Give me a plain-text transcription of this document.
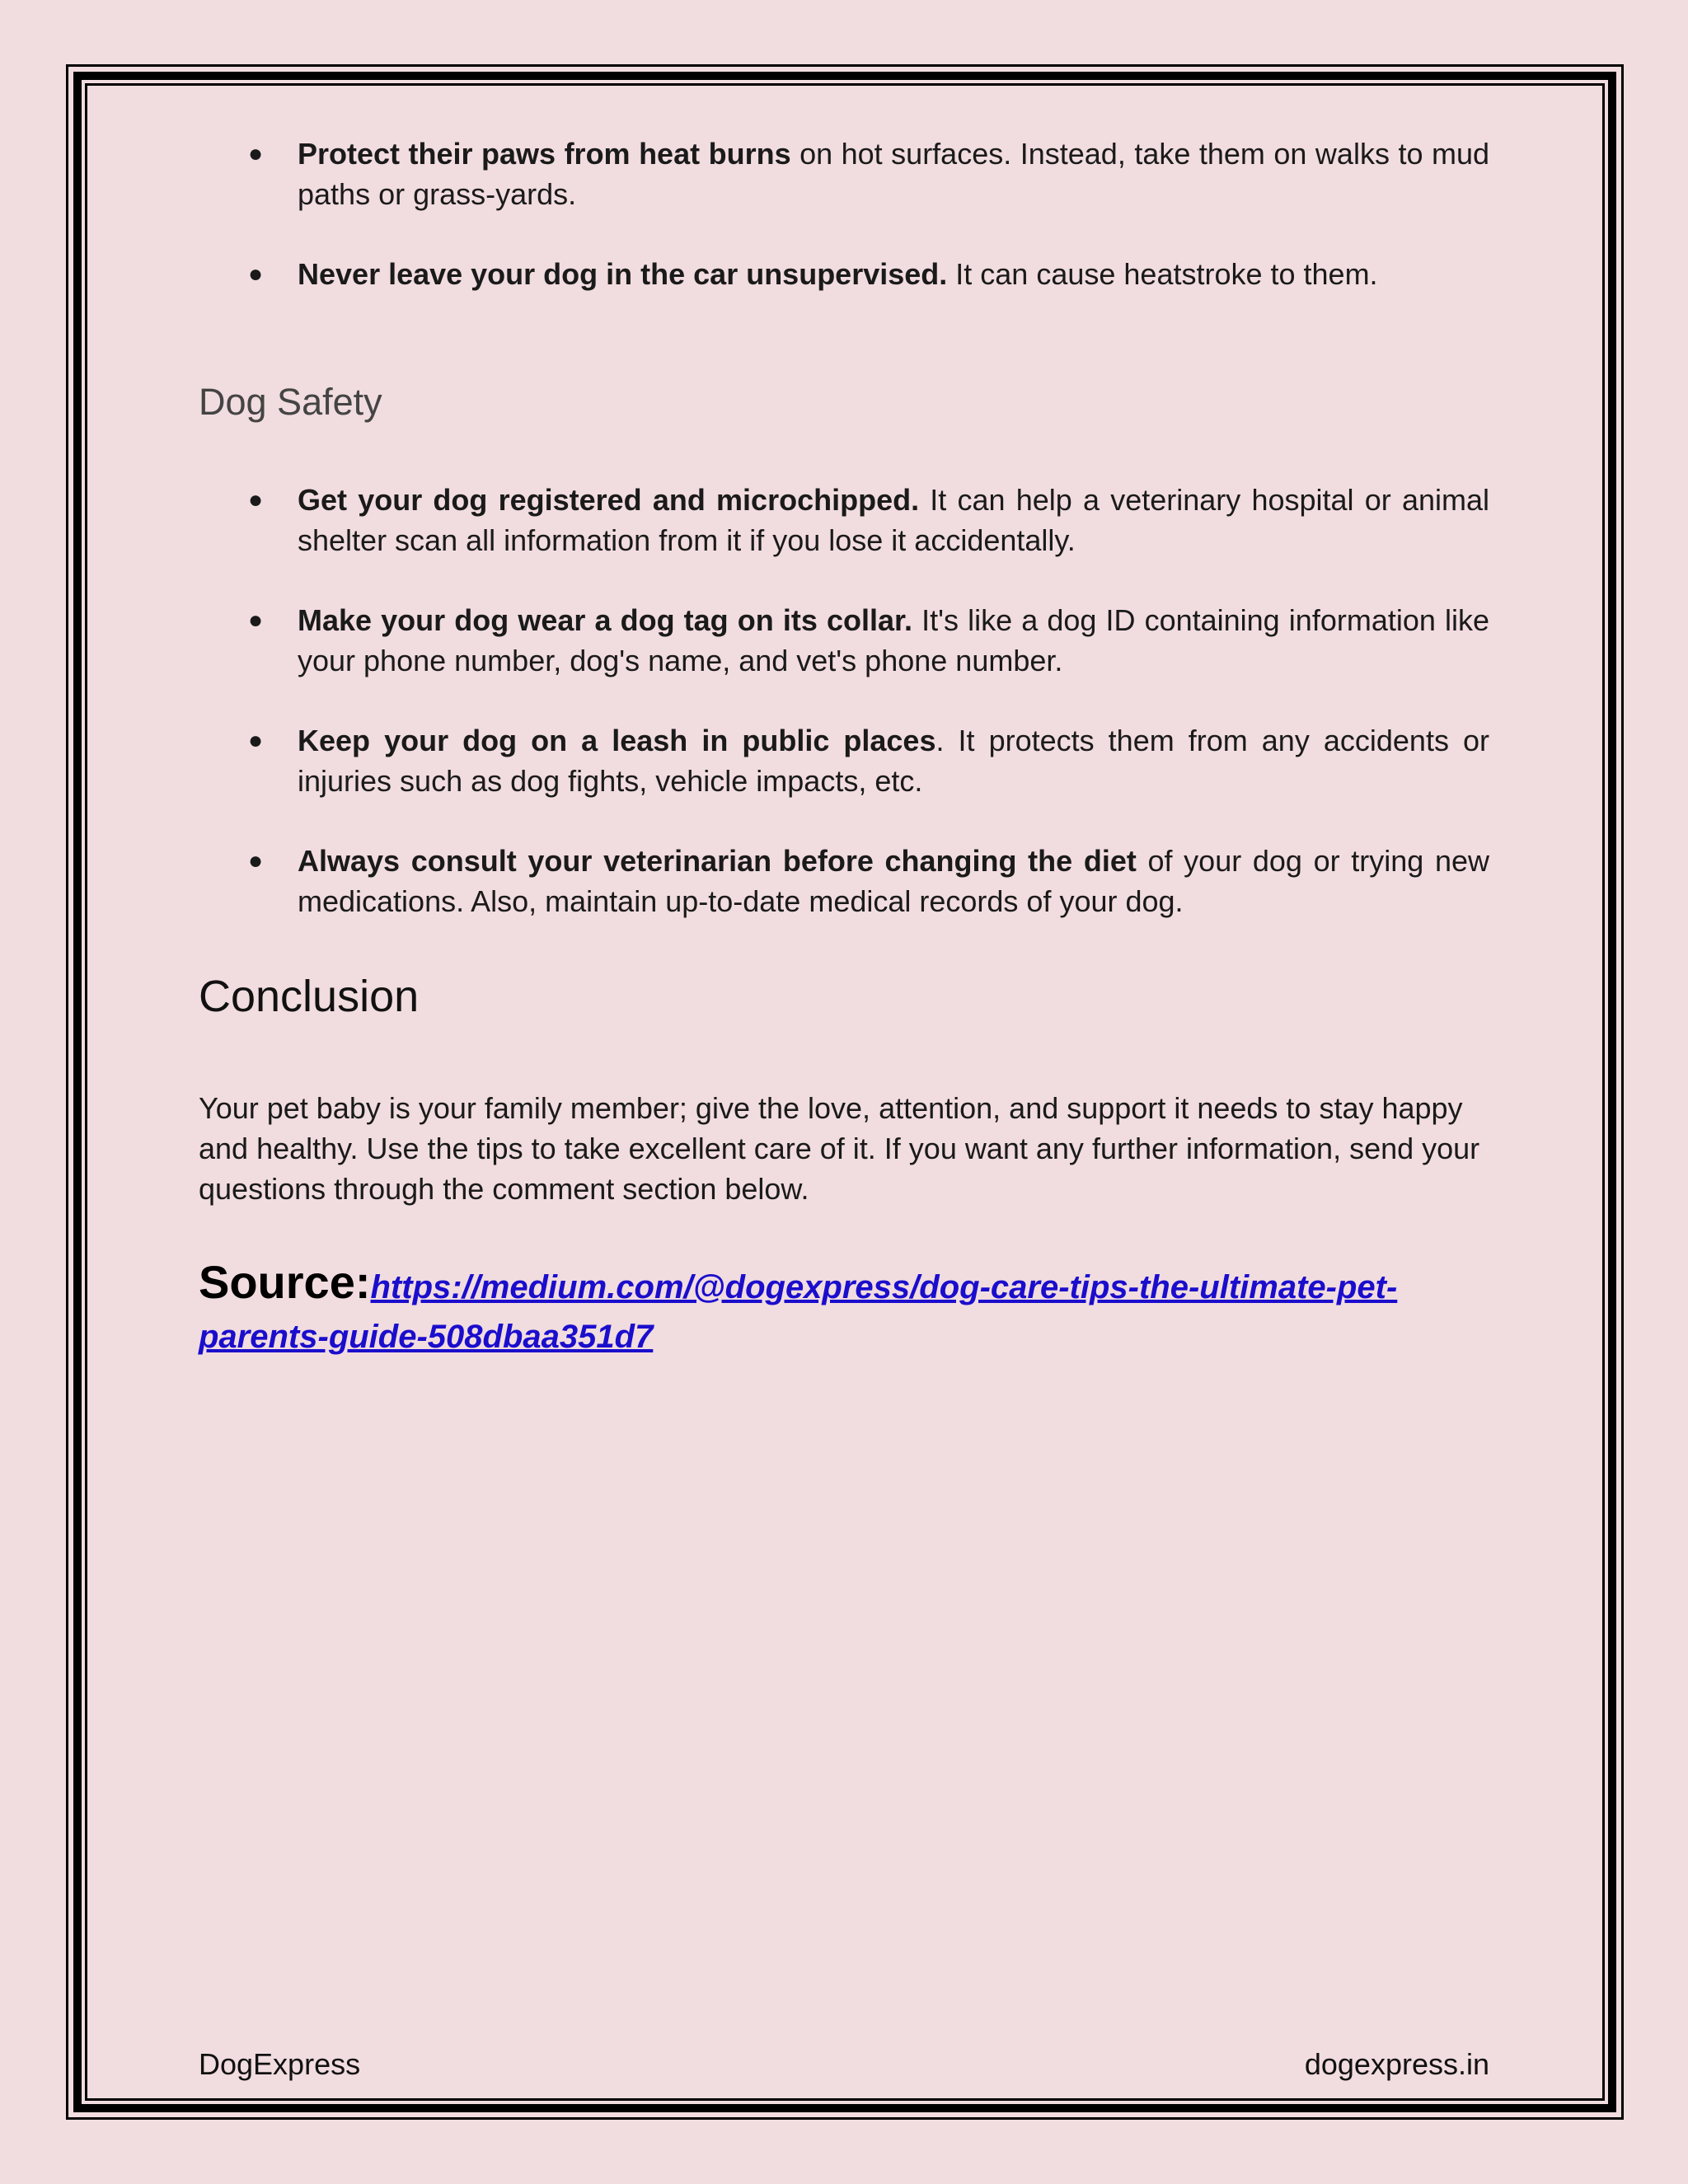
● Protect their paws from heat burns on hot surfaces. Instead, take them on walks to mud paths or grass-yards.
● Never leave your dog in the car unsupervised. It can cause heatstroke to them.
Dog Safety
● Get your dog registered and microchipped. It can help a veterinary hospital or animal shelter scan all information from it if you lose it accidentally.
● Make your dog wear a dog tag on its collar. It's like a dog ID containing information like your phone number, dog's name, and vet's phone number.
● Keep your dog on a leash in public places. It protects them from any accidents or injuries such as dog fights, vehicle impacts, etc.
● Always consult your veterinarian before changing the diet of your dog or trying new medications. Also, maintain up-to-date medical records of your dog.
Conclusion
Your pet baby is your family member; give the love, attention, and support it needs to stay happy and healthy. Use the tips to take excellent care of it. If you want any further information, send your questions through the comment section below.
Source:https://medium.com/@dogexpress/dog-care-tips-the-ultimate-pet-parents-guide-508dbaa351d7
DogExpress	dogexpress.in
